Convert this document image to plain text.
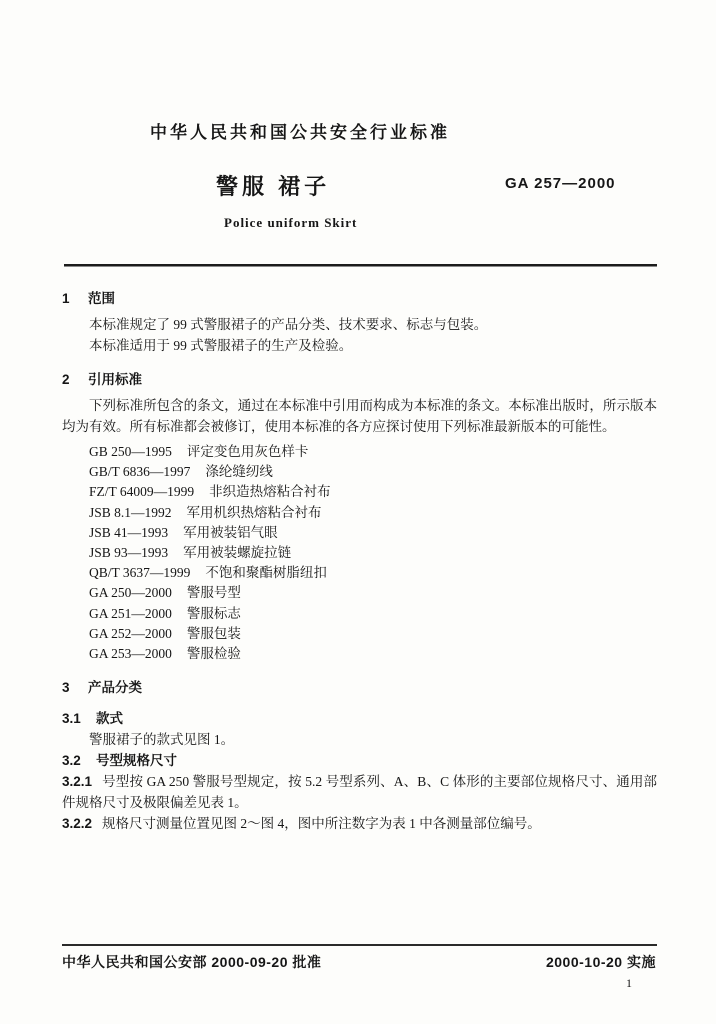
中华人民共和国公共安全行业标准
警服 裙子	GA 257—2000
Police uniform Skirt
1 范围
本标准规定了 99 式警服裙子的产品分类、技术要求、标志与包装。
本标准适用于 99 式警服裙子的生产及检验。
2 引用标准
下列标准所包含的条文，通过在本标准中引用而构成为本标准的条文。本标准出版时，所示版本均为有效。所有标准都会被修订，使用本标准的各方应探讨使用下列标准最新版本的可能性。
GB 250—1995 评定变色用灰色样卡
GB/T 6836—1997 涤纶缝纫线
FZ/T 64009—1999 非织造热熔粘合衬布
JSB 8.1—1992 军用机织热熔粘合衬布
JSB 41—1993 军用被装铝气眼
JSB 93—1993 军用被装螺旋拉链
QB/T 3637—1999 不饱和聚酯树脂纽扣
GA 250—2000 警服号型
GA 251—2000 警服标志
GA 252—2000 警服包装
GA 253—2000 警服检验
3 产品分类
3.1 款式
警服裙子的款式见图 1。
3.2 号型规格尺寸
3.2.1 号型按 GA 250 警服号型规定，按 5.2 号型系列、A、B、C 体形的主要部位规格尺寸、通用部件规格尺寸及极限偏差见表 1。
3.2.2 规格尺寸测量位置见图 2～图 4，图中所注数字为表 1 中各测量部位编号。
中华人民共和国公安部 2000-09-20 批准	2000-10-20 实施
1
